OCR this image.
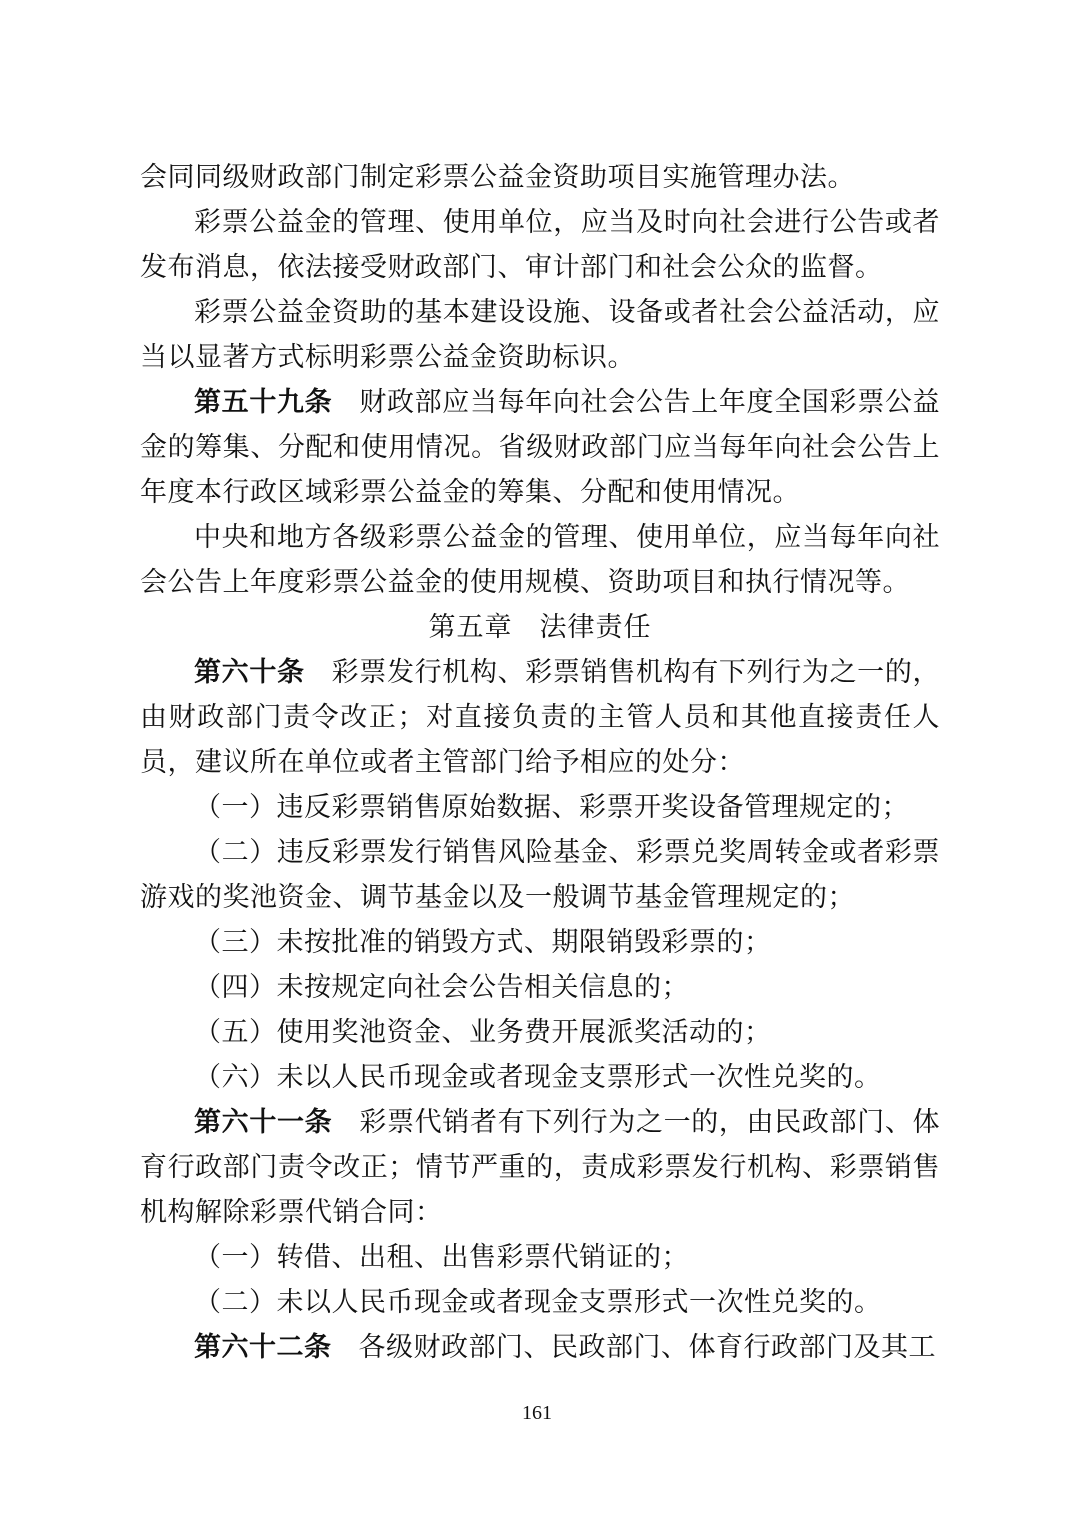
会同同级财政部门制定彩票公益金资助项目实施管理办法。

彩票公益金的管理、使用单位，应当及时向社会进行公告或者发布消息，依法接受财政部门、审计部门和社会公众的监督。

彩票公益金资助的基本建设设施、设备或者社会公益活动，应当以显著方式标明彩票公益金资助标识。

第五十九条 财政部应当每年向社会公告上年度全国彩票公益金的筹集、分配和使用情况。省级财政部门应当每年向社会公告上年度本行政区域彩票公益金的筹集、分配和使用情况。

中央和地方各级彩票公益金的管理、使用单位，应当每年向社会公告上年度彩票公益金的使用规模、资助项目和执行情况等。

第五章 法律责任

第六十条 彩票发行机构、彩票销售机构有下列行为之一的，由财政部门责令改正；对直接负责的主管人员和其他直接责任人员，建议所在单位或者主管部门给予相应的处分：

（一）违反彩票销售原始数据、彩票开奖设备管理规定的；

（二）违反彩票发行销售风险基金、彩票兑奖周转金或者彩票游戏的奖池资金、调节基金以及一般调节基金管理规定的；

（三）未按批准的销毁方式、期限销毁彩票的；

（四）未按规定向社会公告相关信息的；

（五）使用奖池资金、业务费开展派奖活动的；

（六）未以人民币现金或者现金支票形式一次性兑奖的。

第六十一条 彩票代销者有下列行为之一的，由民政部门、体育行政部门责令改正；情节严重的，责成彩票发行机构、彩票销售机构解除彩票代销合同：

（一）转借、出租、出售彩票代销证的；

（二）未以人民币现金或者现金支票形式一次性兑奖的。

第六十二条 各级财政部门、民政部门、体育行政部门及其工

161
